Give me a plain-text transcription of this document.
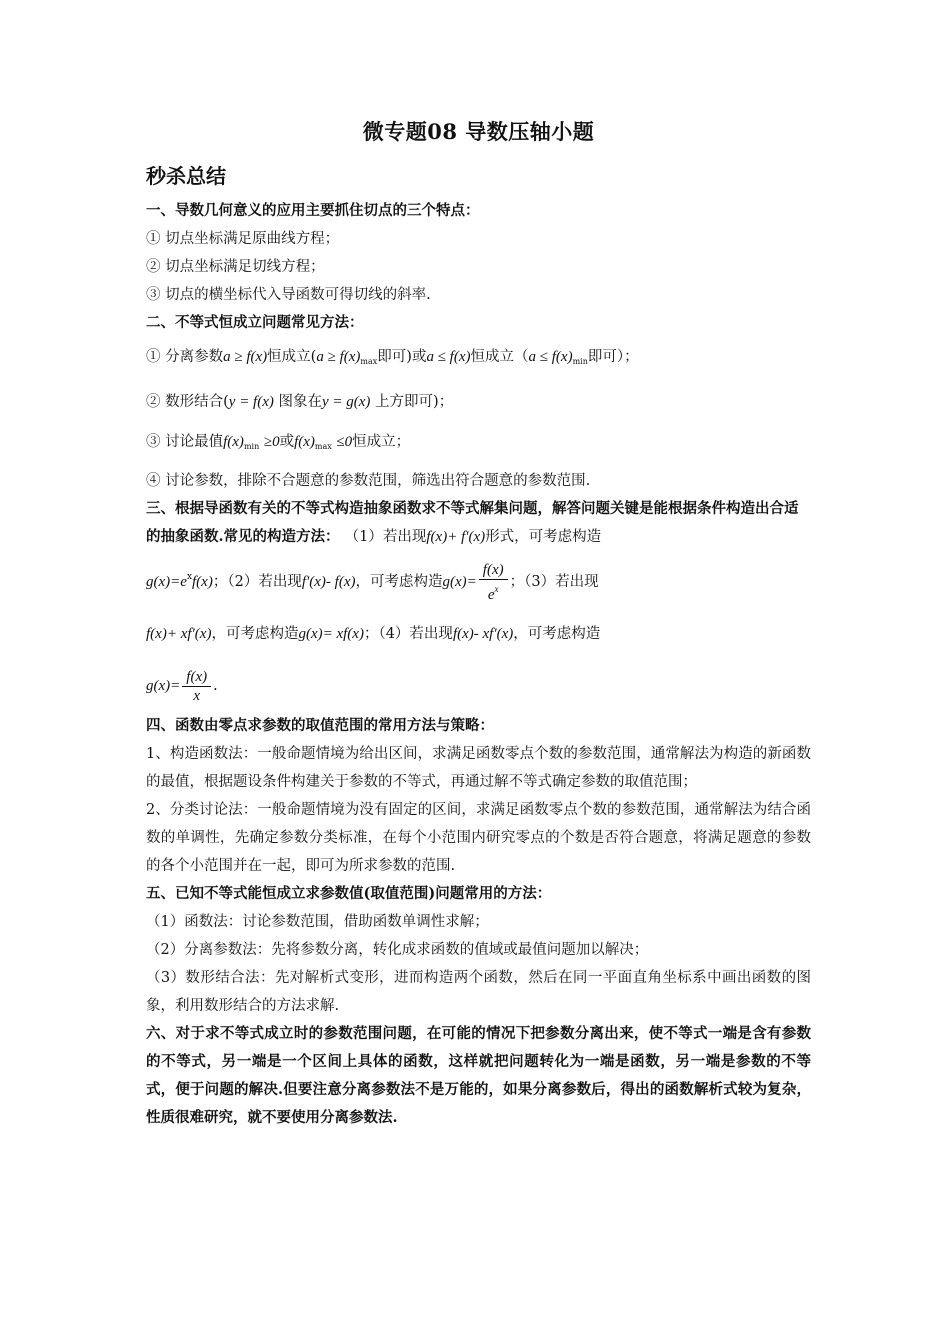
微专题08 导数压轴小题
秒杀总结
一、导数几何意义的应用主要抓住切点的三个特点：
① 切点坐标满足原曲线方程；
② 切点坐标满足切线方程；
③ 切点的横坐标代入导函数可得切线的斜率.
二、不等式恒成立问题常见方法：
① 分离参数a ≥ f(x)恒成立($a \ge f(x)_{max}$即可)或a ≤ f(x)恒成立（$a \le f(x)_{min}$即可）；
② 数形结合(y = f(x) 图象在y = g(x) 上方即可)；
③ 讨论最值$f(x)_{min} \ge 0$或$f(x)_{max} \le 0$恒成立；
④ 讨论参数，排除不合题意的参数范围，筛选出符合题意的参数范围.
三、根据导函数有关的不等式构造抽象函数求不等式解集问题，解答问题关键是能根据条件构造出合适的抽象函数.常见的构造方法： （1）若出现f(x)+ f′(x)形式，可考虑构造
$g(x)=e^xf(x)$；（2）若出现f′(x)- f(x)，可考虑构造$g(x)= \frac{f(x)}{e^x}$ ；（3）若出现
f(x)+ xf′(x)，可考虑构造g(x)= xf(x)；（4）若出现f(x)- xf′(x)，可考虑构造
$g(x)= \frac{f(x)}{x}$ .
四、函数由零点求参数的取值范围的常用方法与策略：
1、构造函数法：一般命题情境为给出区间，求满足函数零点个数的参数范围，通常解法为构造的新函数的最值，根据题设条件构建关于参数的不等式，再通过解不等式确定参数的取值范围；
2、分类讨论法：一般命题情境为没有固定的区间，求满足函数零点个数的参数范围，通常解法为结合函数的单调性，先确定参数分类标准，在每个小范围内研究零点的个数是否符合题意，将满足题意的参数的各个小范围并在一起，即可为所求参数的范围.
五、已知不等式能恒成立求参数值(取值范围)问题常用的方法：
（1）函数法：讨论参数范围，借助函数单调性求解；
（2）分离参数法：先将参数分离，转化成求函数的值域或最值问题加以解决；
（3）数形结合法：先对解析式变形，进而构造两个函数，然后在同一平面直角坐标系中画出函数的图象，利用数形结合的方法求解.
六、对于求不等式成立时的参数范围问题，在可能的情况下把参数分离出来，使不等式一端是含有参数的不等式，另一端是一个区间上具体的函数，这样就把问题转化为一端是函数，另一端是参数的不等式，便于问题的解决.但要注意分离参数法不是万能的，如果分离参数后，得出的函数解析式较为复杂，性质很难研究，就不要使用分离参数法.
